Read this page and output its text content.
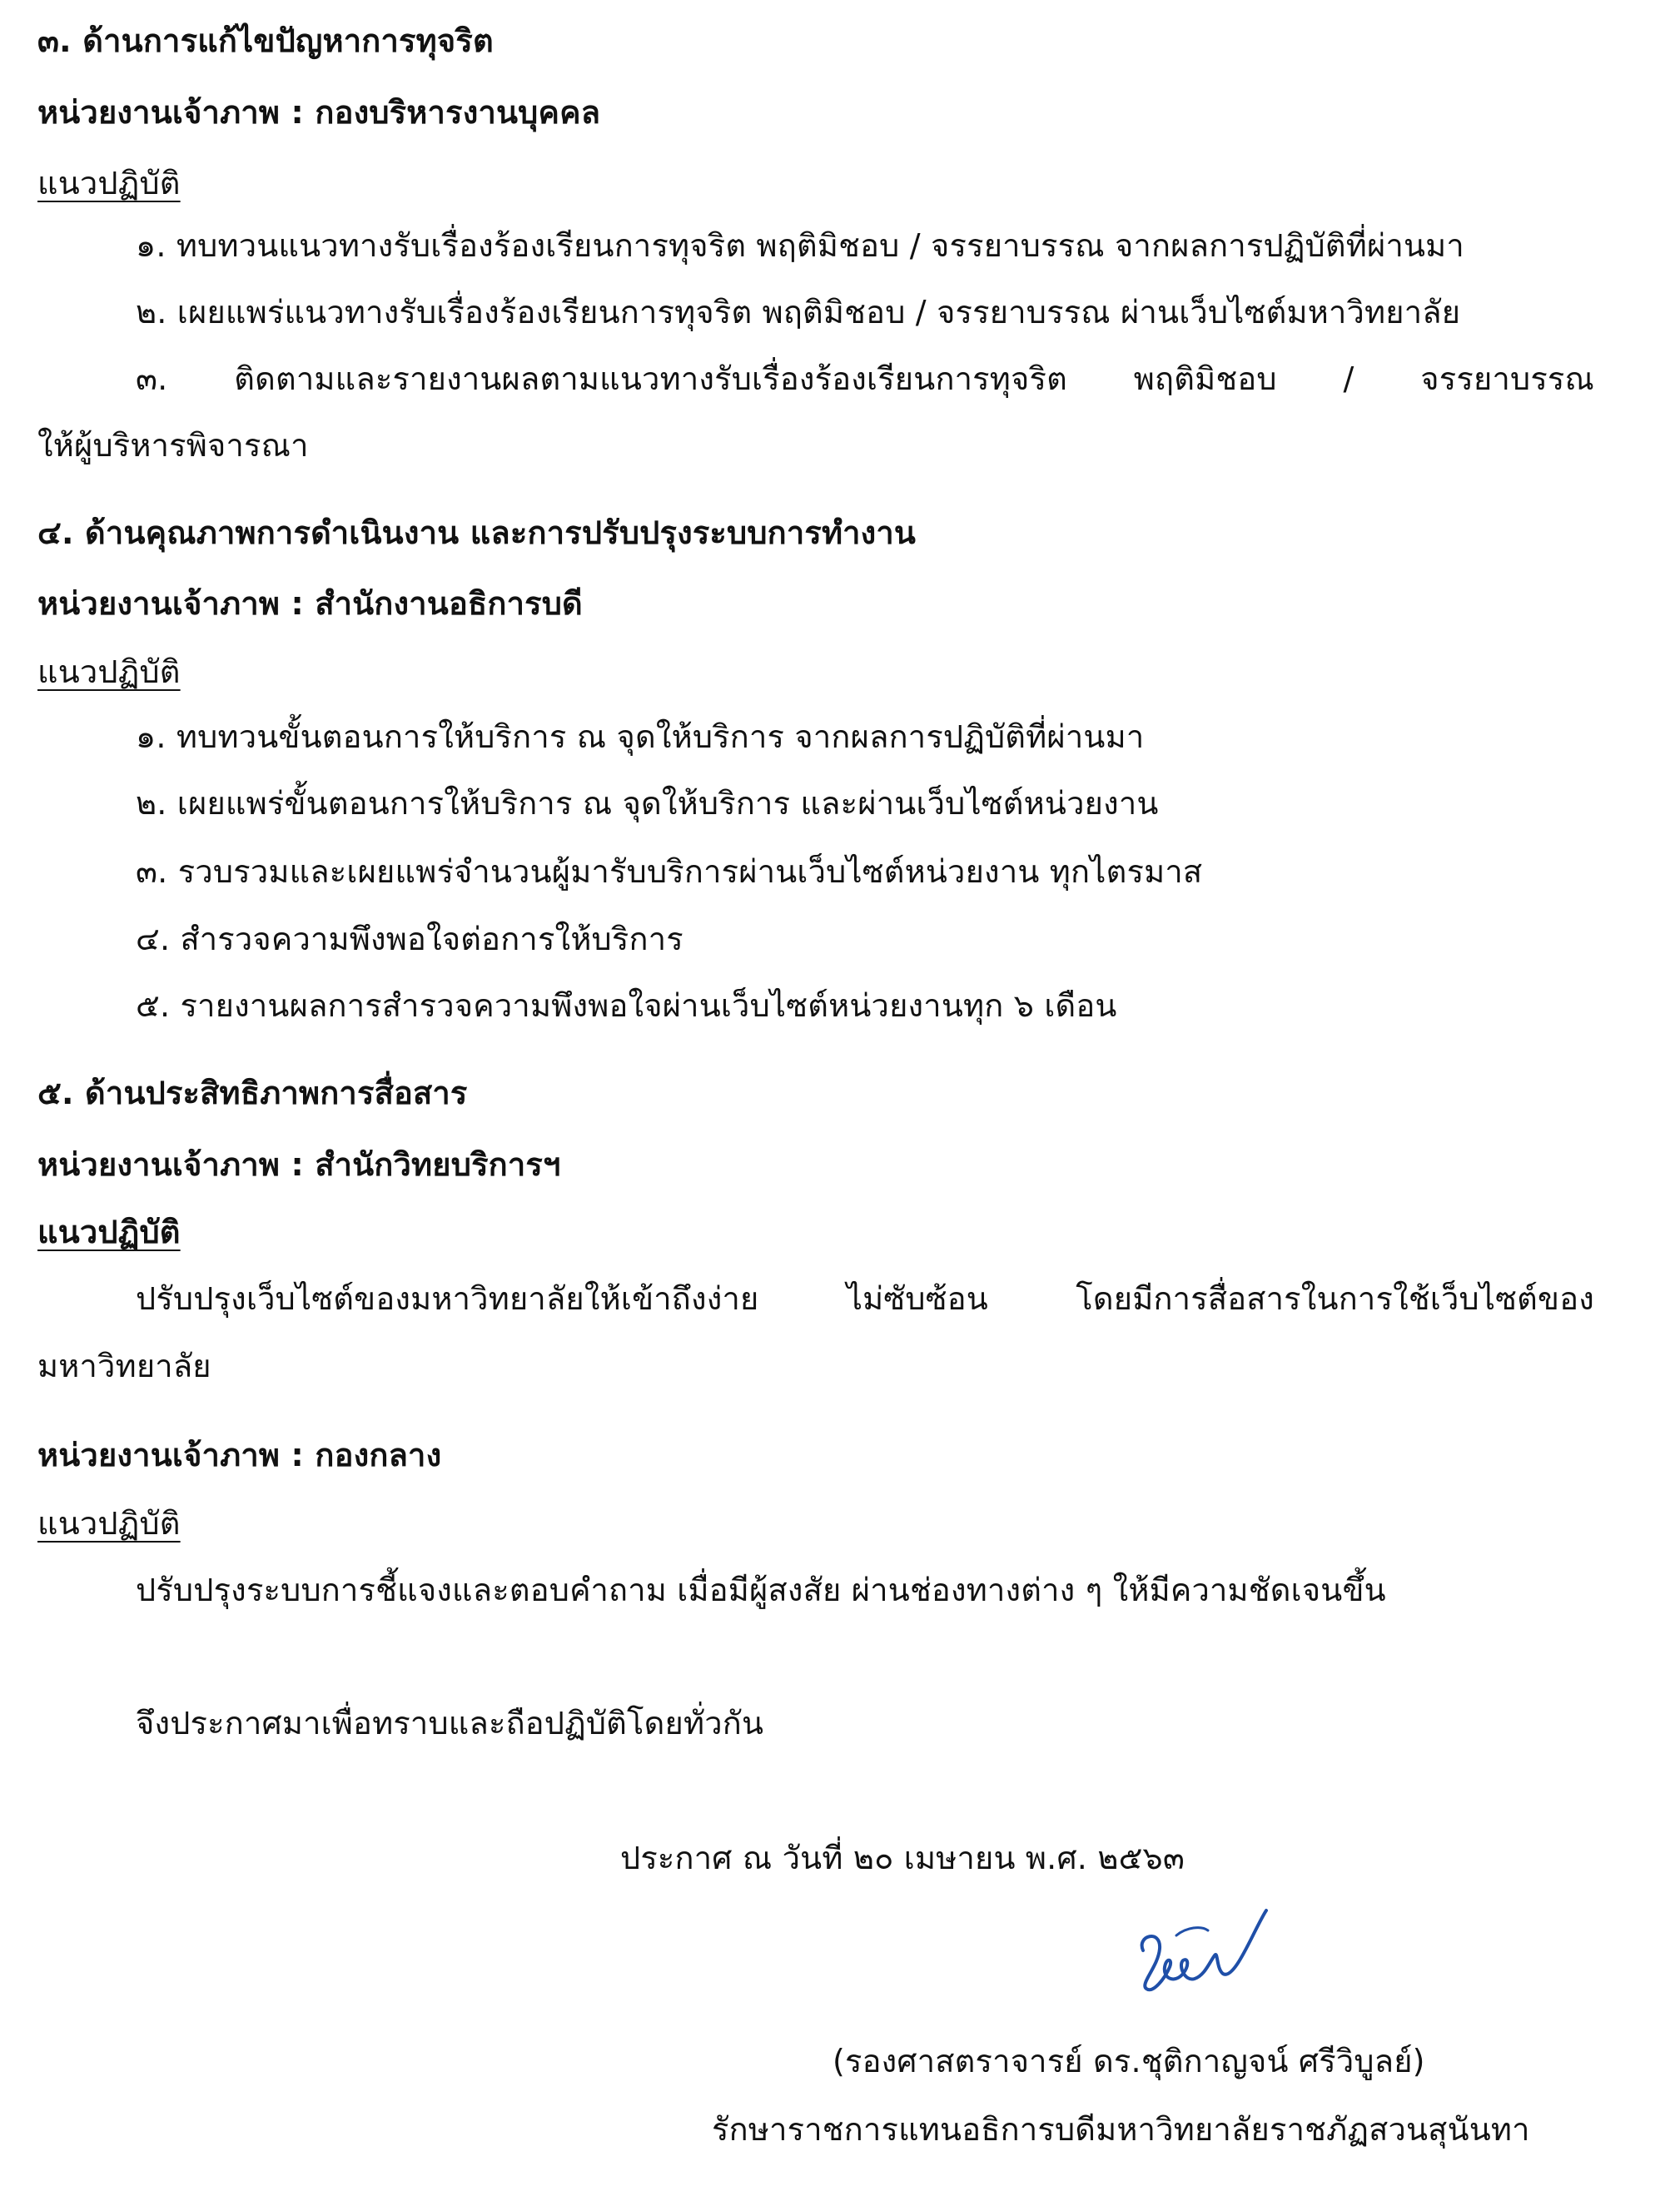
๓. ด้านการแก้ไขปัญหาการทุจริต
หน่วยงานเจ้าภาพ : กองบริหารงานบุคคล
แนวปฏิบัติ
๑. ทบทวนแนวทางรับเรื่องร้องเรียนการทุจริต พฤติมิชอบ / จรรยาบรรณ จากผลการปฏิบัติที่ผ่านมา
๒. เผยแพร่แนวทางรับเรื่องร้องเรียนการทุจริต พฤติมิชอบ / จรรยาบรรณ ผ่านเว็บไซต์มหาวิทยาลัย
๓. ติดตามและรายงานผลตามแนวทางรับเรื่องร้องเรียนการทุจริต พฤติมิชอบ / จรรยาบรรณ
ให้ผู้บริหารพิจารณา
๔. ด้านคุณภาพการดำเนินงาน และการปรับปรุงระบบการทำงาน
หน่วยงานเจ้าภาพ : สำนักงานอธิการบดี
แนวปฏิบัติ
๑. ทบทวนขั้นตอนการให้บริการ ณ จุดให้บริการ จากผลการปฏิบัติที่ผ่านมา
๒. เผยแพร่ขั้นตอนการให้บริการ ณ จุดให้บริการ และผ่านเว็บไซต์หน่วยงาน
๓. รวบรวมและเผยแพร่จำนวนผู้มารับบริการผ่านเว็บไซต์หน่วยงาน ทุกไตรมาส
๔. สำรวจความพึงพอใจต่อการให้บริการ
๕. รายงานผลการสำรวจความพึงพอใจผ่านเว็บไซต์หน่วยงานทุก ๖ เดือน
๕. ด้านประสิทธิภาพการสื่อสาร
หน่วยงานเจ้าภาพ : สำนักวิทยบริการฯ
แนวปฏิบัติ
ปรับปรุงเว็บไซต์ของมหาวิทยาลัยให้เข้าถึงง่าย ไม่ซับซ้อน โดยมีการสื่อสารในการใช้เว็บไซต์ของ
มหาวิทยาลัย
หน่วยงานเจ้าภาพ : กองกลาง
แนวปฏิบัติ
ปรับปรุงระบบการชี้แจงและตอบคำถาม เมื่อมีผู้สงสัย ผ่านช่องทางต่าง ๆ ให้มีความชัดเจนขึ้น
จึงประกาศมาเพื่อทราบและถือปฏิบัติโดยทั่วกัน
ประกาศ ณ วันที่ ๒๐ เมษายน พ.ศ. ๒๕๖๓
(รองศาสตราจารย์ ดร.ชุติกาญจน์ ศรีวิบูลย์)
รักษาราชการแทนอธิการบดีมหาวิทยาลัยราชภัฏสวนสุนันทา
